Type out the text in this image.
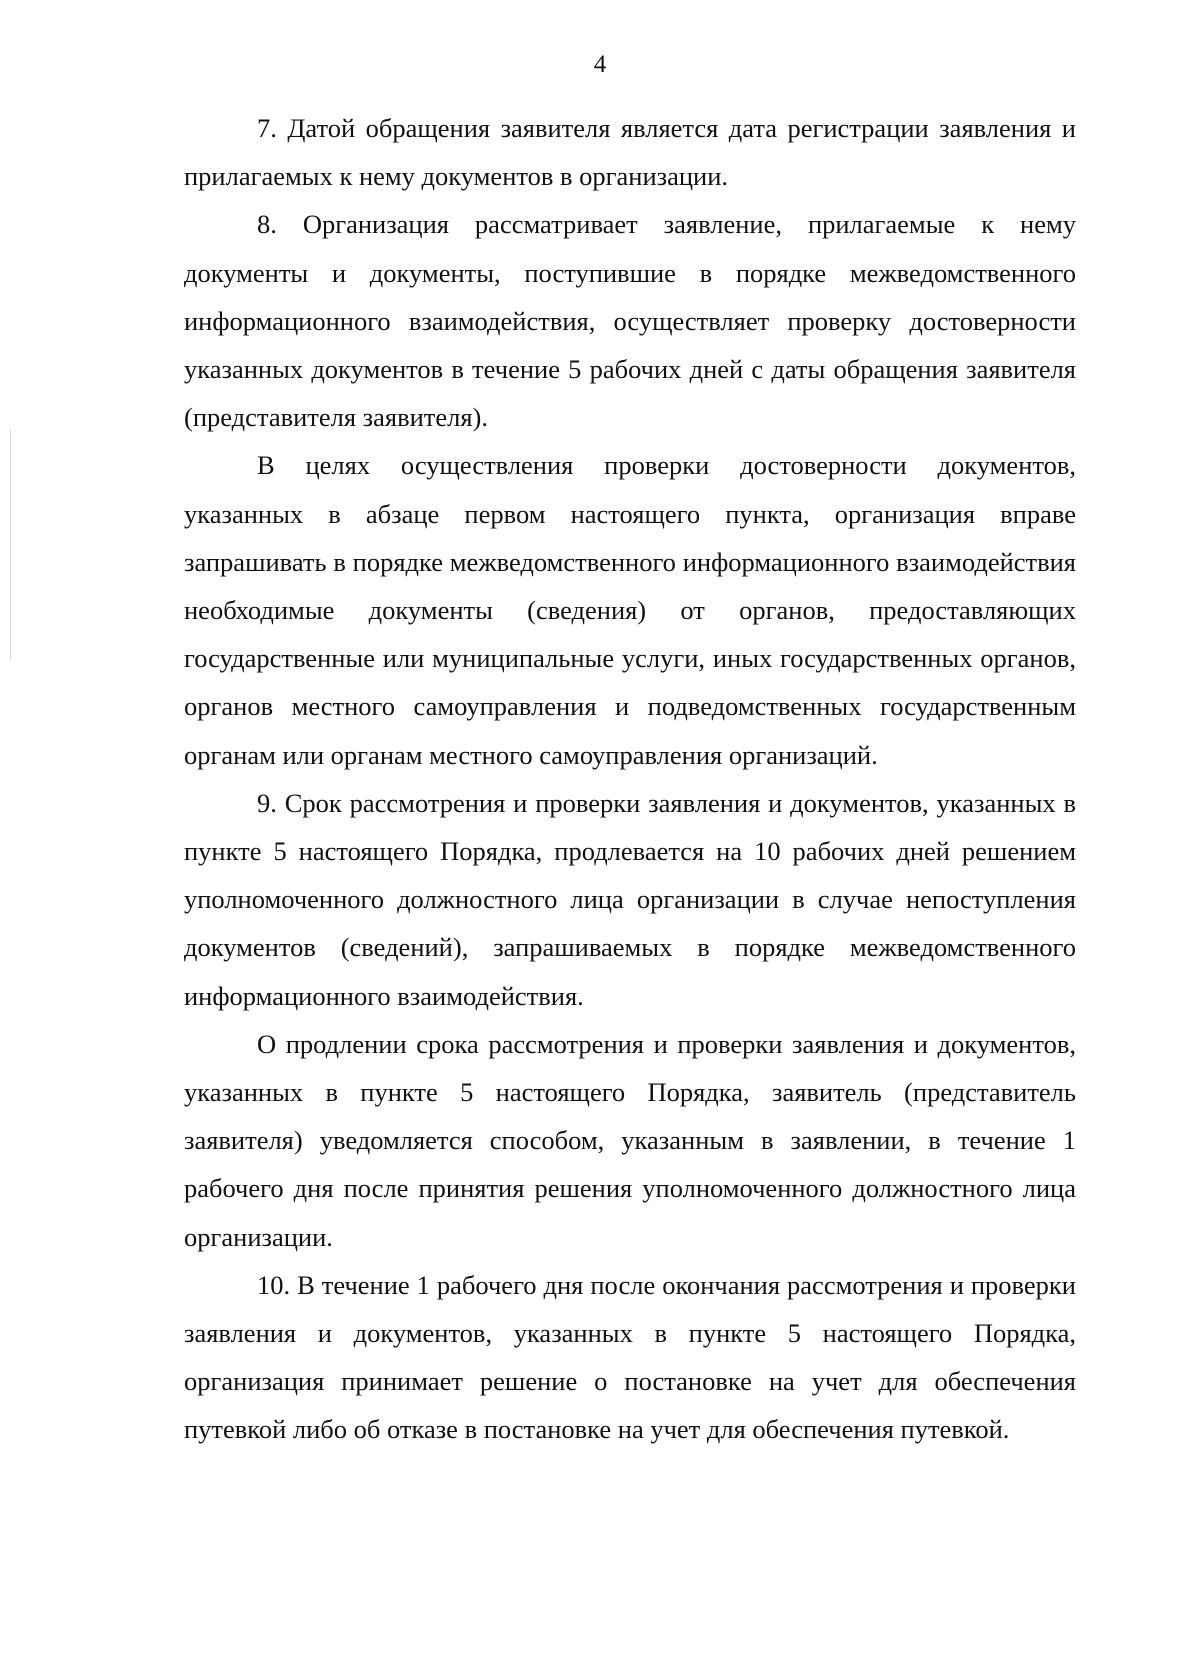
4

7. Датой обращения заявителя является дата регистрации заявления и прилагаемых к нему документов в организации.

8. Организация рассматривает заявление, прилагаемые к нему документы и документы, поступившие в порядке межведомственного информационного взаимодействия, осуществляет проверку достоверности указанных документов в течение 5 рабочих дней с даты обращения заявителя (представителя заявителя).

В целях осуществления проверки достоверности документов, указанных в абзаце первом настоящего пункта, организация вправе запрашивать в порядке межведомственного информационного взаимодействия необходимые документы (сведения) от органов, предоставляющих государственные или муниципальные услуги, иных государственных органов, органов местного самоуправления и подведомственных государственным органам или органам местного самоуправления организаций.

9. Срок рассмотрения и проверки заявления и документов, указанных в пункте 5 настоящего Порядка, продлевается на 10 рабочих дней решением уполномоченного должностного лица организации в случае непоступления документов (сведений), запрашиваемых в порядке межведомственного информационного взаимодействия.

О продлении срока рассмотрения и проверки заявления и документов, указанных в пункте 5 настоящего Порядка, заявитель (представитель заявителя) уведомляется способом, указанным в заявлении, в течение 1 рабочего дня после принятия решения уполномоченного должностного лица организации.

10. В течение 1 рабочего дня после окончания рассмотрения и проверки заявления и документов, указанных в пункте 5 настоящего Порядка, организация принимает решение о постановке на учет для обеспечения путевкой либо об отказе в постановке на учет для обеспечения путевкой.
